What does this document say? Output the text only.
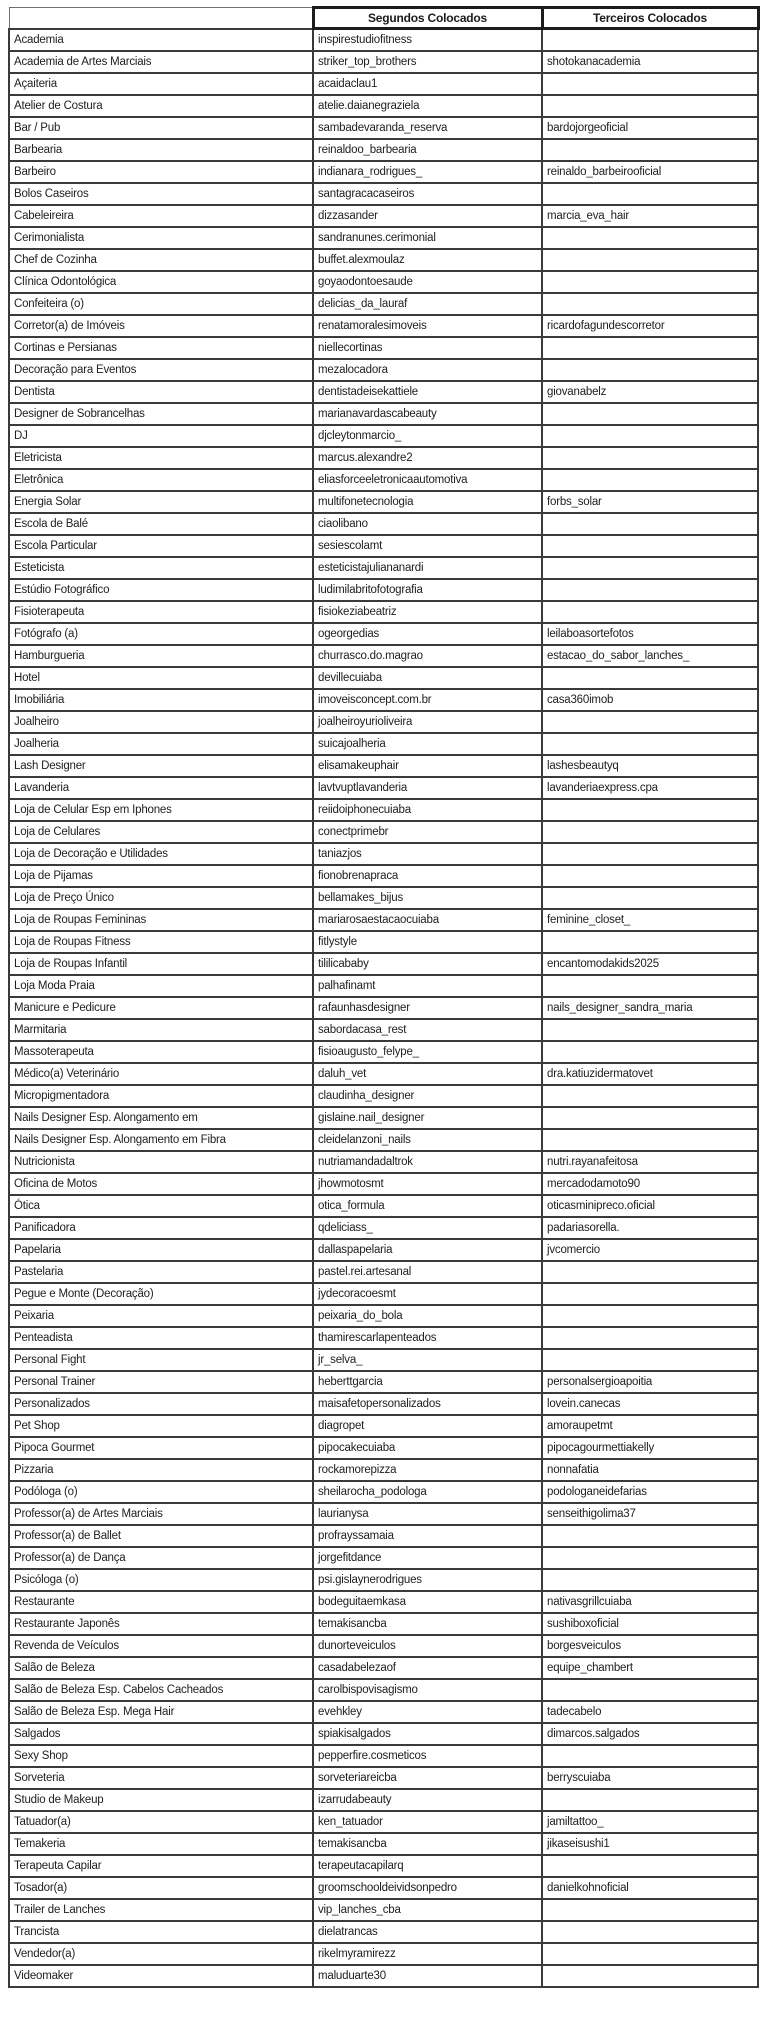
	Segundos Colocados	Terceiros Colocados
Academia	inspirestudiofitness	
Academia de Artes Marciais	striker_top_brothers	shotokanacademia
Açaiteria	acaidaclau1	
Atelier de Costura	atelie.daianegraziela	
Bar / Pub	sambadevaranda_reserva	bardojorgeoficial
Barbearia	reinaldoo_barbearia	
Barbeiro	indianara_rodrigues_	reinaldo_barbeirooficial
Bolos Caseiros	santagracacaseiros	
Cabeleireira	dizzasander	marcia_eva_hair
Cerimonialista	sandranunes.cerimonial	
Chef de Cozinha	buffet.alexmoulaz	
Clínica Odontológica	goyaodontoesaude	
Confeiteira (o)	delicias_da_lauraf	
Corretor(a) de Imóveis	renatamoralesimoveis	ricardofagundescorretor
Cortinas e Persianas	niellecortinas	
Decoração para Eventos	mezalocadora	
Dentista	dentistadeisekattiele	giovanabelz
Designer de Sobrancelhas	marianavardascabeauty	
DJ	djcleytonmarcio_	
Eletricista	marcus.alexandre2	
Eletrônica	eliasforceeletronicaautomotiva	
Energia Solar	multifonetecnologia	forbs_solar
Escola de Balé	ciaolibano	
Escola Particular	sesiescolamt	
Esteticista	esteticistajuliananardi	
Estúdio Fotográfico	ludimilabritofotografia	
Fisioterapeuta	fisiokeziabeatriz	
Fotógrafo (a)	ogeorgedias	leilaboasortefotos
Hamburgueria	churrasco.do.magrao	estacao_do_sabor_lanches_
Hotel	devillecuiaba	
Imobiliária	imoveisconcept.com.br	casa360imob
Joalheiro	joalheiroyurioliveira	
Joalheria	suicajoalheria	
Lash Designer	elisamakeuphair	lashesbeautyq
Lavanderia	lavtvuptlavanderia	lavanderiaexpress.cpa
Loja de Celular Esp em Iphones	reiidoiphonecuiaba	
Loja de Celulares	conectprimebr	
Loja de Decoração e Utilidades	taniazjos	
Loja de Pijamas	fionobrenapraca	
Loja de Preço Único	bellamakes_bijus	
Loja de Roupas Femininas	mariarosaestacaocuiaba	feminine_closet_
Loja de Roupas Fitness	fitlystyle	
Loja de Roupas Infantil	tililicababy	encantomodakids2025
Loja Moda Praia	palhafinamt	
Manicure e Pedicure	rafaunhasdesigner	nails_designer_sandra_maria
Marmitaria	sabordacasa_rest	
Massoterapeuta	fisioaugusto_felype_	
Médico(a) Veterinário	daluh_vet	dra.katiuzidermatovet
Micropigmentadora	claudinha_designer	
Nails Designer Esp. Alongamento em	gislaine.nail_designer	
Nails Designer Esp. Alongamento em Fibra	cleidelanzoni_nails	
Nutricionista	nutriamandadaltrok	nutri.rayanafeitosa
Oficina de Motos	jhowmotosmt	mercadodamoto90
Ótica	otica_formula	oticasminipreco.oficial
Panificadora	qdeliciass_	padariasorella.
Papelaria	dallaspapelaria	jvcomercio
Pastelaria	pastel.rei.artesanal	
Pegue e Monte (Decoração)	jydecoracoesmt	
Peixaria	peixaria_do_bola	
Penteadista	thamirescarlapenteados	
Personal Fight	jr_selva_	
Personal Trainer	heberttgarcia	personalsergioapoitia
Personalizados	maisafetopersonalizados	lovein.canecas
Pet Shop	diagropet	amoraupetmt
Pipoca Gourmet	pipocakecuiaba	pipocagourmettiakelly
Pizzaria	rockamorepizza	nonnafatia
Podóloga (o)	sheilarocha_podologa	podologaneidefarias
Professor(a) de Artes Marciais	laurianysa	senseithigolima37
Professor(a) de Ballet	profrayssamaia	
Professor(a) de Dança	jorgefitdance	
Psicóloga (o)	psi.gislaynerodrigues	
Restaurante	bodeguitaemkasa	nativasgrillcuiaba
Restaurante Japonês	temakisancba	sushiboxoficial
Revenda de Veículos	dunorteveiculos	borgesveiculos
Salão de Beleza	casadabelezaof	equipe_chambert
Salão de Beleza Esp. Cabelos Cacheados	carolbispovisagismo	
Salão de Beleza Esp. Mega Hair	evehkley	tadecabelo
Salgados	spiakisalgados	dimarcos.salgados
Sexy Shop	pepperfire.cosmeticos	
Sorveteria	sorveteriareicba	berryscuiaba
Studio de Makeup	izarrudabeauty	
Tatuador(a)	ken_tatuador	jamiltattoo_
Temakeria	temakisancba	jikaseisushi1
Terapeuta Capilar	terapeutacapilarq	
Tosador(a)	groomschooldeividsonpedro	danielkohnoficial
Trailer de Lanches	vip_lanches_cba	
Trancista	dielatrancas	
Vendedor(a)	rikelmyramirezz	
Videomaker	maluduarte30	
